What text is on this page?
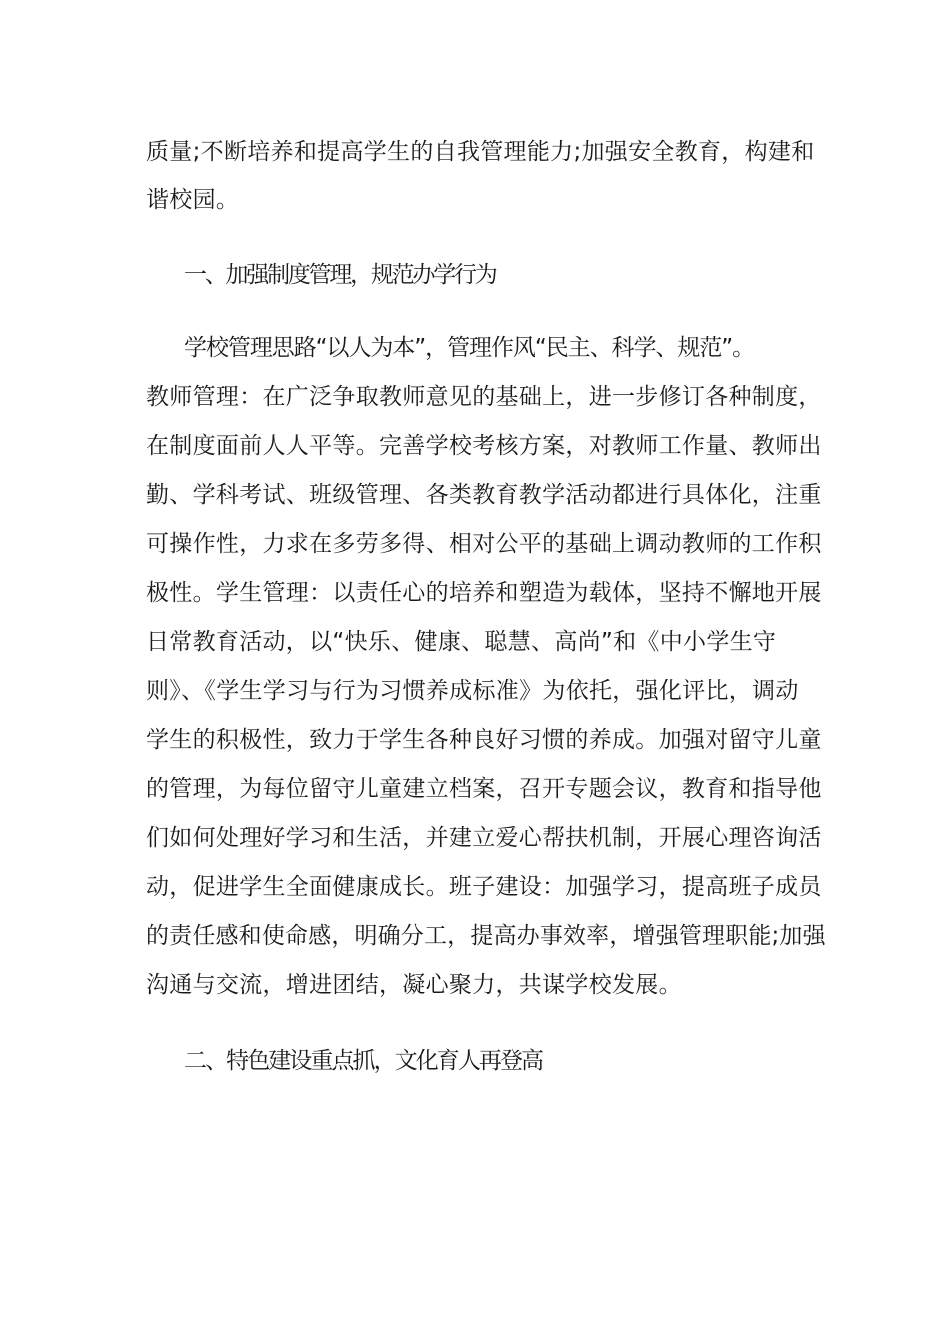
质量;不断培养和提高学生的自我管理能力;加强安全教育，构建和
谐校园。
一、加强制度管理，规范办学行为
学校管理思路“以人为本”，管理作风“民主、科学、规范”。
教师管理：在广泛争取教师意见的基础上，进一步修订各种制度，
在制度面前人人平等。完善学校考核方案，对教师工作量、教师出
勤、学科考试、班级管理、各类教育教学活动都进行具体化，注重
可操作性，力求在多劳多得、相对公平的基础上调动教师的工作积
极性。学生管理：以责任心的培养和塑造为载体，坚持不懈地开展
日常教育活动，以“快乐、健康、聪慧、高尚”和《中小学生守
则》、《学生学习与行为习惯养成标准》为依托，强化评比，调动
学生的积极性，致力于学生各种良好习惯的养成。加强对留守儿童
的管理，为每位留守儿童建立档案，召开专题会议，教育和指导他
们如何处理好学习和生活，并建立爱心帮扶机制，开展心理咨询活
动，促进学生全面健康成长。班子建设：加强学习，提高班子成员
的责任感和使命感，明确分工，提高办事效率，增强管理职能;加强
沟通与交流，增进团结，凝心聚力，共谋学校发展。
二、特色建设重点抓，文化育人再登高
